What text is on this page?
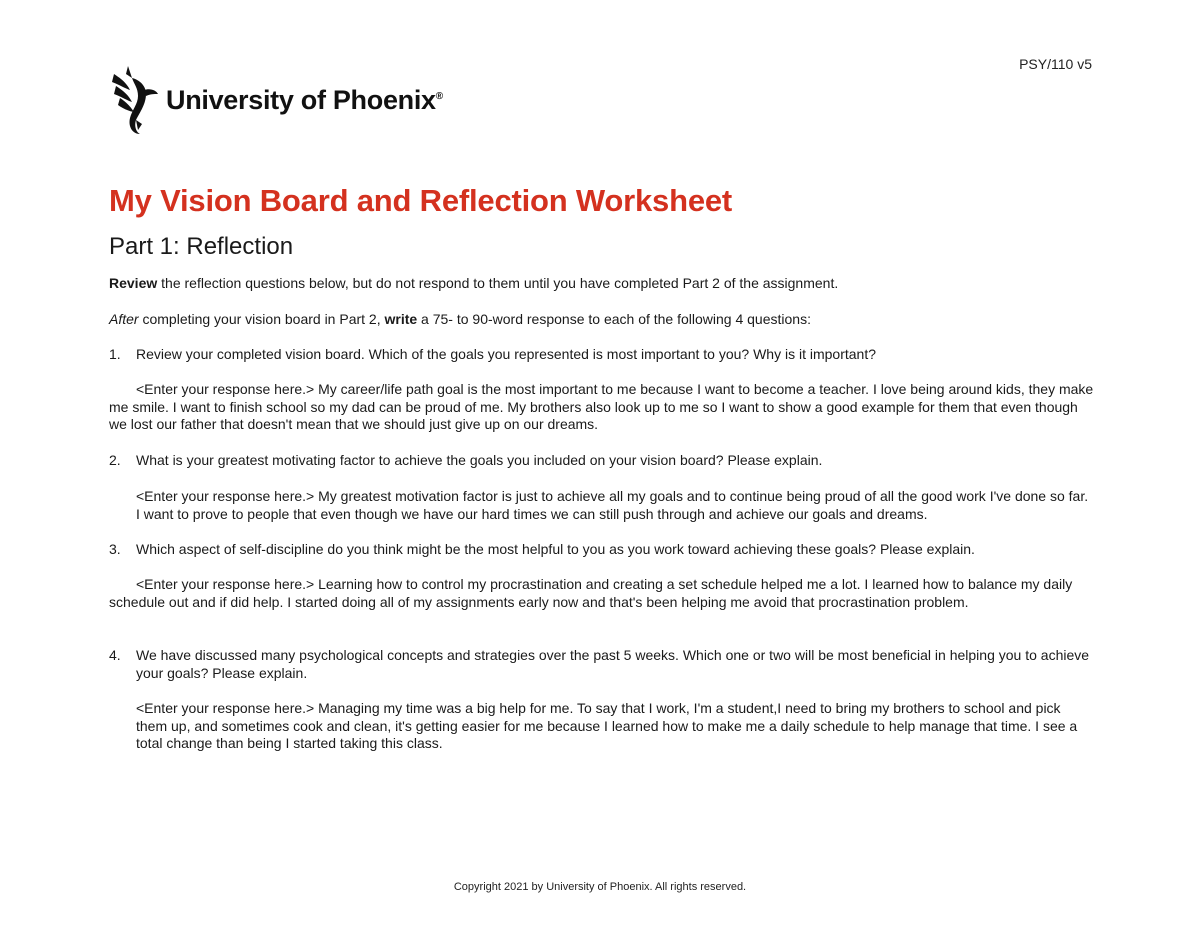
PSY/110 v5
University of Phoenix®
My Vision Board and Reflection Worksheet
Part 1: Reflection

Review the reflection questions below, but do not respond to them until you have completed Part 2 of the assignment.

After completing your vision board in Part 2, write a 75- to 90-word response to each of the following 4 questions:

1. Review your completed vision board. Which of the goals you represented is most important to you? Why is it important?

<Enter your response here.> My career/life path goal is the most important to me because I want to become a teacher. I love being around kids, they make me smile. I want to finish school so my dad can be proud of me. My brothers also look up to me so I want to show a good example for them that even though we lost our father that doesn't mean that we should just give up on our dreams.

2. What is your greatest motivating factor to achieve the goals you included on your vision board? Please explain.

<Enter your response here.> My greatest motivation factor is just to achieve all my goals and to continue being proud of all the good work I've done so far. I want to prove to people that even though we have our hard times we can still push through and achieve our goals and dreams.

3. Which aspect of self-discipline do you think might be the most helpful to you as you work toward achieving these goals? Please explain.

<Enter your response here.> Learning how to control my procrastination and creating a set schedule helped me a lot. I learned how to balance my daily schedule out and if did help. I started doing all of my assignments early now and that's been helping me avoid that procrastination problem.

4. We have discussed many psychological concepts and strategies over the past 5 weeks. Which one or two will be most beneficial in helping you to achieve your goals? Please explain.

<Enter your response here.> Managing my time was a big help for me. To say that I work, I'm a student,I need to bring my brothers to school and pick them up, and sometimes cook and clean, it's getting easier for me because I learned how to make me a daily schedule to help manage that time. I see a total change than being I started taking this class.

Copyright 2021 by University of Phoenix. All rights reserved.
